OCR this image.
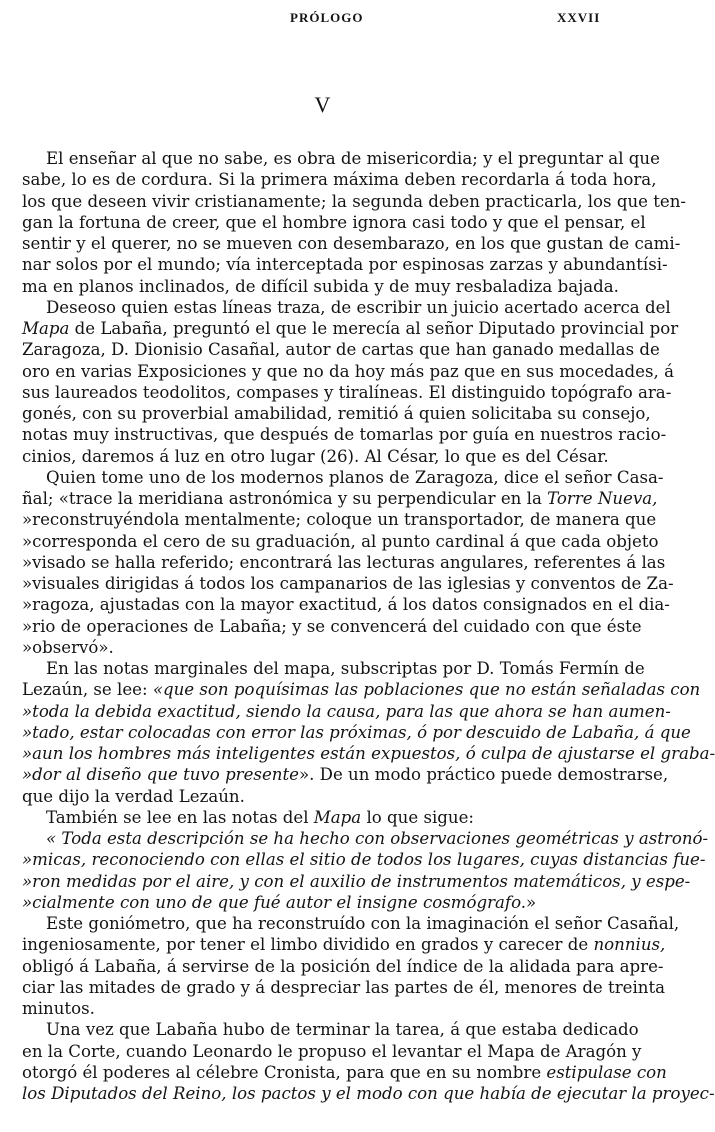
PRÓLOGO	XXVII
V
El enseñar al que no sabe, es obra de misericordia; y el preguntar al que
sabe, lo es de cordura. Si la primera máxima deben recordarla á toda hora,
los que deseen vivir cristianamente; la segunda deben practicarla, los que ten-
gan la fortuna de creer, que el hombre ignora casi todo y que el pensar, el
sentir y el querer, no se mueven con desembarazo, en los que gustan de cami-
nar solos por el mundo; vía interceptada por espinosas zarzas y abundantísi-
ma en planos inclinados, de difícil subida y de muy resbaladiza bajada.
Deseoso quien estas líneas traza, de escribir un juicio acertado acerca del
Mapa de Labaña, preguntó el que le merecía al señor Diputado provincial por
Zaragoza, D. Dionisio Casañal, autor de cartas que han ganado medallas de
oro en varias Exposiciones y que no da hoy más paz que en sus mocedades, á
sus laureados teodolitos, compases y tiralíneas. El distinguido topógrafo ara-
gonés, con su proverbial amabilidad, remitió á quien solicitaba su consejo,
notas muy instructivas, que después de tomarlas por guía en nuestros racio-
cinios, daremos á luz en otro lugar (26). Al César, lo que es del César.
Quien tome uno de los modernos planos de Zaragoza, dice el señor Casa-
ñal; «trace la meridiana astronómica y su perpendicular en la Torre Nueva,
»reconstruyéndola mentalmente; coloque un transportador, de manera que
»corresponda el cero de su graduación, al punto cardinal á que cada objeto
»visado se halla referido; encontrará las lecturas angulares, referentes á las
»visuales dirigidas á todos los campanarios de las iglesias y conventos de Za-
»ragoza, ajustadas con la mayor exactitud, á los datos consignados en el dia-
»rio de operaciones de Labaña; y se convencerá del cuidado con que éste
»observó».
En las notas marginales del mapa, subscriptas por D. Tomás Fermín de
Lezaún, se lee: «que son poquísimas las poblaciones que no están señaladas con
»toda la debida exactitud, siendo la causa, para las que ahora se han aumen-
»tado, estar colocadas con error las próximas, ó por descuido de Labaña, á que
»aun los hombres más inteligentes están expuestos, ó culpa de ajustarse el graba-
»dor al diseño que tuvo presente». De un modo práctico puede demostrarse,
que dijo la verdad Lezaún.
También se lee en las notas del Mapa lo que sigue:
« Toda esta descripción se ha hecho con observaciones geométricas y astronó-
»micas, reconociendo con ellas el sitio de todos los lugares, cuyas distancias fue-
»ron medidas por el aire, y con el auxilio de instrumentos matemáticos, y espe-
»cialmente con uno de que fué autor el insigne cosmógrafo.»
Este goniómetro, que ha reconstruído con la imaginación el señor Casañal,
ingeniosamente, por tener el limbo dividido en grados y carecer de nonnius,
obligó á Labaña, á servirse de la posición del índice de la alidada para apre-
ciar las mitades de grado y á despreciar las partes de él, menores de treinta
minutos.
Una vez que Labaña hubo de terminar la tarea, á que estaba dedicado
en la Corte, cuando Leonardo le propuso el levantar el Mapa de Aragón y
otorgó él poderes al célebre Cronista, para que en su nombre estipulase con
los Diputados del Reino, los pactos y el modo con que había de ejecutar la proyec-
